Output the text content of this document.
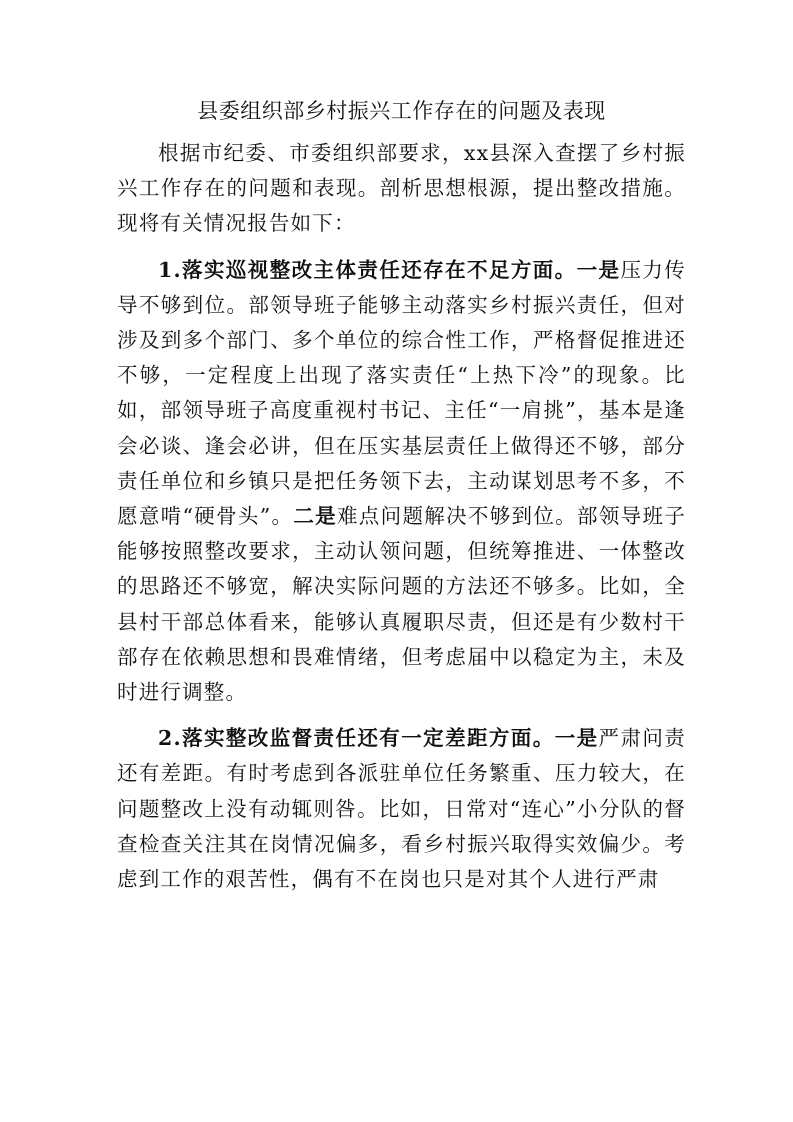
县委组织部乡村振兴工作存在的问题及表现

根据市纪委、市委组织部要求，xx县深入查摆了乡村振兴工作存在的问题和表现。剖析思想根源，提出整改措施。现将有关情况报告如下：

1.落实巡视整改主体责任还存在不足方面。一是压力传导不够到位。部领导班子能够主动落实乡村振兴责任，但对涉及到多个部门、多个单位的综合性工作，严格督促推进还不够，一定程度上出现了落实责任“上热下冷”的现象。比如，部领导班子高度重视村书记、主任“一肩挑”，基本是逢会必谈、逢会必讲，但在压实基层责任上做得还不够，部分责任单位和乡镇只是把任务领下去，主动谋划思考不多，不愿意啃“硬骨头”。二是难点问题解决不够到位。部领导班子能够按照整改要求，主动认领问题，但统筹推进、一体整改的思路还不够宽，解决实际问题的方法还不够多。比如，全县村干部总体看来，能够认真履职尽责，但还是有少数村干部存在依赖思想和畏难情绪，但考虑届中以稳定为主，未及时进行调整。

2.落实整改监督责任还有一定差距方面。一是严肃问责还有差距。有时考虑到各派驻单位任务繁重、压力较大，在问题整改上没有动辄则咎。比如，日常对“连心”小分队的督查检查关注其在岗情况偏多，看乡村振兴取得实效偏少。考虑到工作的艰苦性，偶有不在岗也只是对其个人进行严肃
